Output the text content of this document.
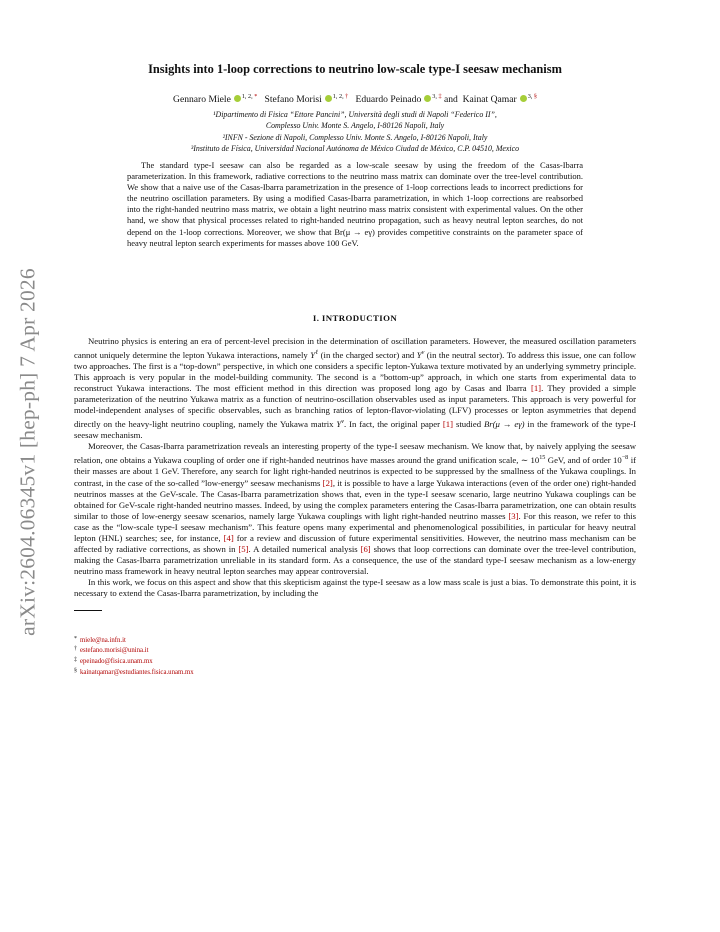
arXiv:2604.06345v1 [hep-ph] 7 Apr 2026
Insights into 1-loop corrections to neutrino low-scale type-I seesaw mechanism
Gennaro Miele $^{1, 2, *}$ Stefano Morisi $^{1, 2, \dagger}$ Eduardo Peinado $^{3, \ddagger}$ and  Kainat Qamar $^{3, \S}$
¹Dipartimento di Fisica “Ettore Pancini”, Università degli studi di Napoli “Federico II”,
Complesso Univ. Monte S. Angelo, I-80126 Napoli, Italy
²INFN - Sezione di Napoli, Complesso Univ. Monte S. Angelo, I-80126 Napoli, Italy
³Instituto de Física, Universidad Nacional Autónoma de México Ciudad de México, C.P. 04510, Mexico

The standard type-I seesaw can also be regarded as a low-scale seesaw by using the freedom of the Casas-Ibarra parameterization. In this framework, radiative corrections to the neutrino mass matrix can dominate over the tree-level contribution. We show that a naive use of the Casas-Ibarra parametrization in the presence of 1-loop corrections leads to incorrect predictions for the neutrino oscillation parameters. By using a modified Casas-Ibarra parametrization, in which 1-loop corrections are reabsorbed into the right-handed neutrino mass matrix, we obtain a light neutrino mass matrix consistent with experimental values. On the other hand, we show that physical processes related to right-handed neutrino propagation, such as heavy neutral lepton searches, do not depend on the 1-loop corrections. Moreover, we show that Br(μ → eγ) provides competitive constraints on the parameter space of heavy neutral lepton search experiments for masses above 100 GeV.

I. INTRODUCTION

Neutrino physics is entering an era of percent-level precision in the determination of oscillation parameters. However, the measured oscillation parameters cannot uniquely determine the lepton Yukawa interactions, namely $Y^\ell$ (in the charged sector) and $Y^\nu$ (in the neutral sector). To address this issue, one can follow two approaches. The first is a “top-down” perspective, in which one considers a specific lepton-Yukawa texture motivated by an underlying symmetry principle. This approach is very popular in the model-building community. The second is a ”bottom-up” approach, in which one starts from experimental data to reconstruct Yukawa interactions. The most efficient method in this direction was proposed long ago by Casas and Ibarra [1]. They provided a simple parameterization of the neutrino Yukawa matrix as a function of neutrino-oscillation observables used as input parameters. This approach is very powerful for model-independent analyses of specific observables, such as branching ratios of lepton-flavor-violating (LFV) processes or lepton asymmetries that depend directly on the heavy-light neutrino coupling, namely the Yukawa matrix $Y^\nu$. In fact, the original paper [1] studied Br(μ → eγ) in the framework of the type-I seesaw mechanism.

Moreover, the Casas-Ibarra parametrization reveals an interesting property of the type-I seesaw mechanism. We know that, by naively applying the seesaw relation, one obtains a Yukawa coupling of order one if right-handed neutrinos have masses around the grand unification scale, ∼ $10^{15}$ GeV, and of order $10^{-8}$ if their masses are about 1 GeV. Therefore, any search for light right-handed neutrinos is expected to be suppressed by the smallness of the Yukawa couplings. In contrast, in the case of the so-called ”low-energy” seesaw mechanisms [2], it is possible to have a large Yukawa interactions (even of the order one) right-handed neutrinos masses at the GeV-scale. The Casas-Ibarra parametrization shows that, even in the type-I seesaw scenario, large neutrino Yukawa couplings can be obtained for GeV-scale right-handed neutrino masses. Indeed, by using the complex parameters entering the Casas-Ibarra parametrization, one can obtain results similar to those of low-energy seesaw scenarios, namely large Yukawa couplings with light right-handed neutrino masses [3]. For this reason, we refer to this case as the “low-scale type-I seesaw mechanism”. This feature opens many experimental and phenomenological possibilities, in particular for heavy neutral lepton (HNL) searches; see, for instance, [4] for a review and discussion of future experimental sensitivities. However, the neutrino mass mechanism can be affected by radiative corrections, as shown in [5]. A detailed numerical analysis [6] shows that loop corrections can dominate over the tree-level contribution, making the Casas-Ibarra parametrization unreliable in its standard form. As a consequence, the use of the standard type-I seesaw mechanism as a low-energy neutrino mass framework in heavy neutral lepton searches may appear controversial.

In this work, we focus on this aspect and show that this skepticism against the type-I seesaw as a low mass scale is just a bias. To demonstrate this point, it is necessary to extend the Casas-Ibarra parametrization, by including the

* miele@na.infn.it
† estefano.morisi@unina.it
‡ epeinado@fisica.unam.mx
§ kainatqamar@estudiantes.fisica.unam.mx
